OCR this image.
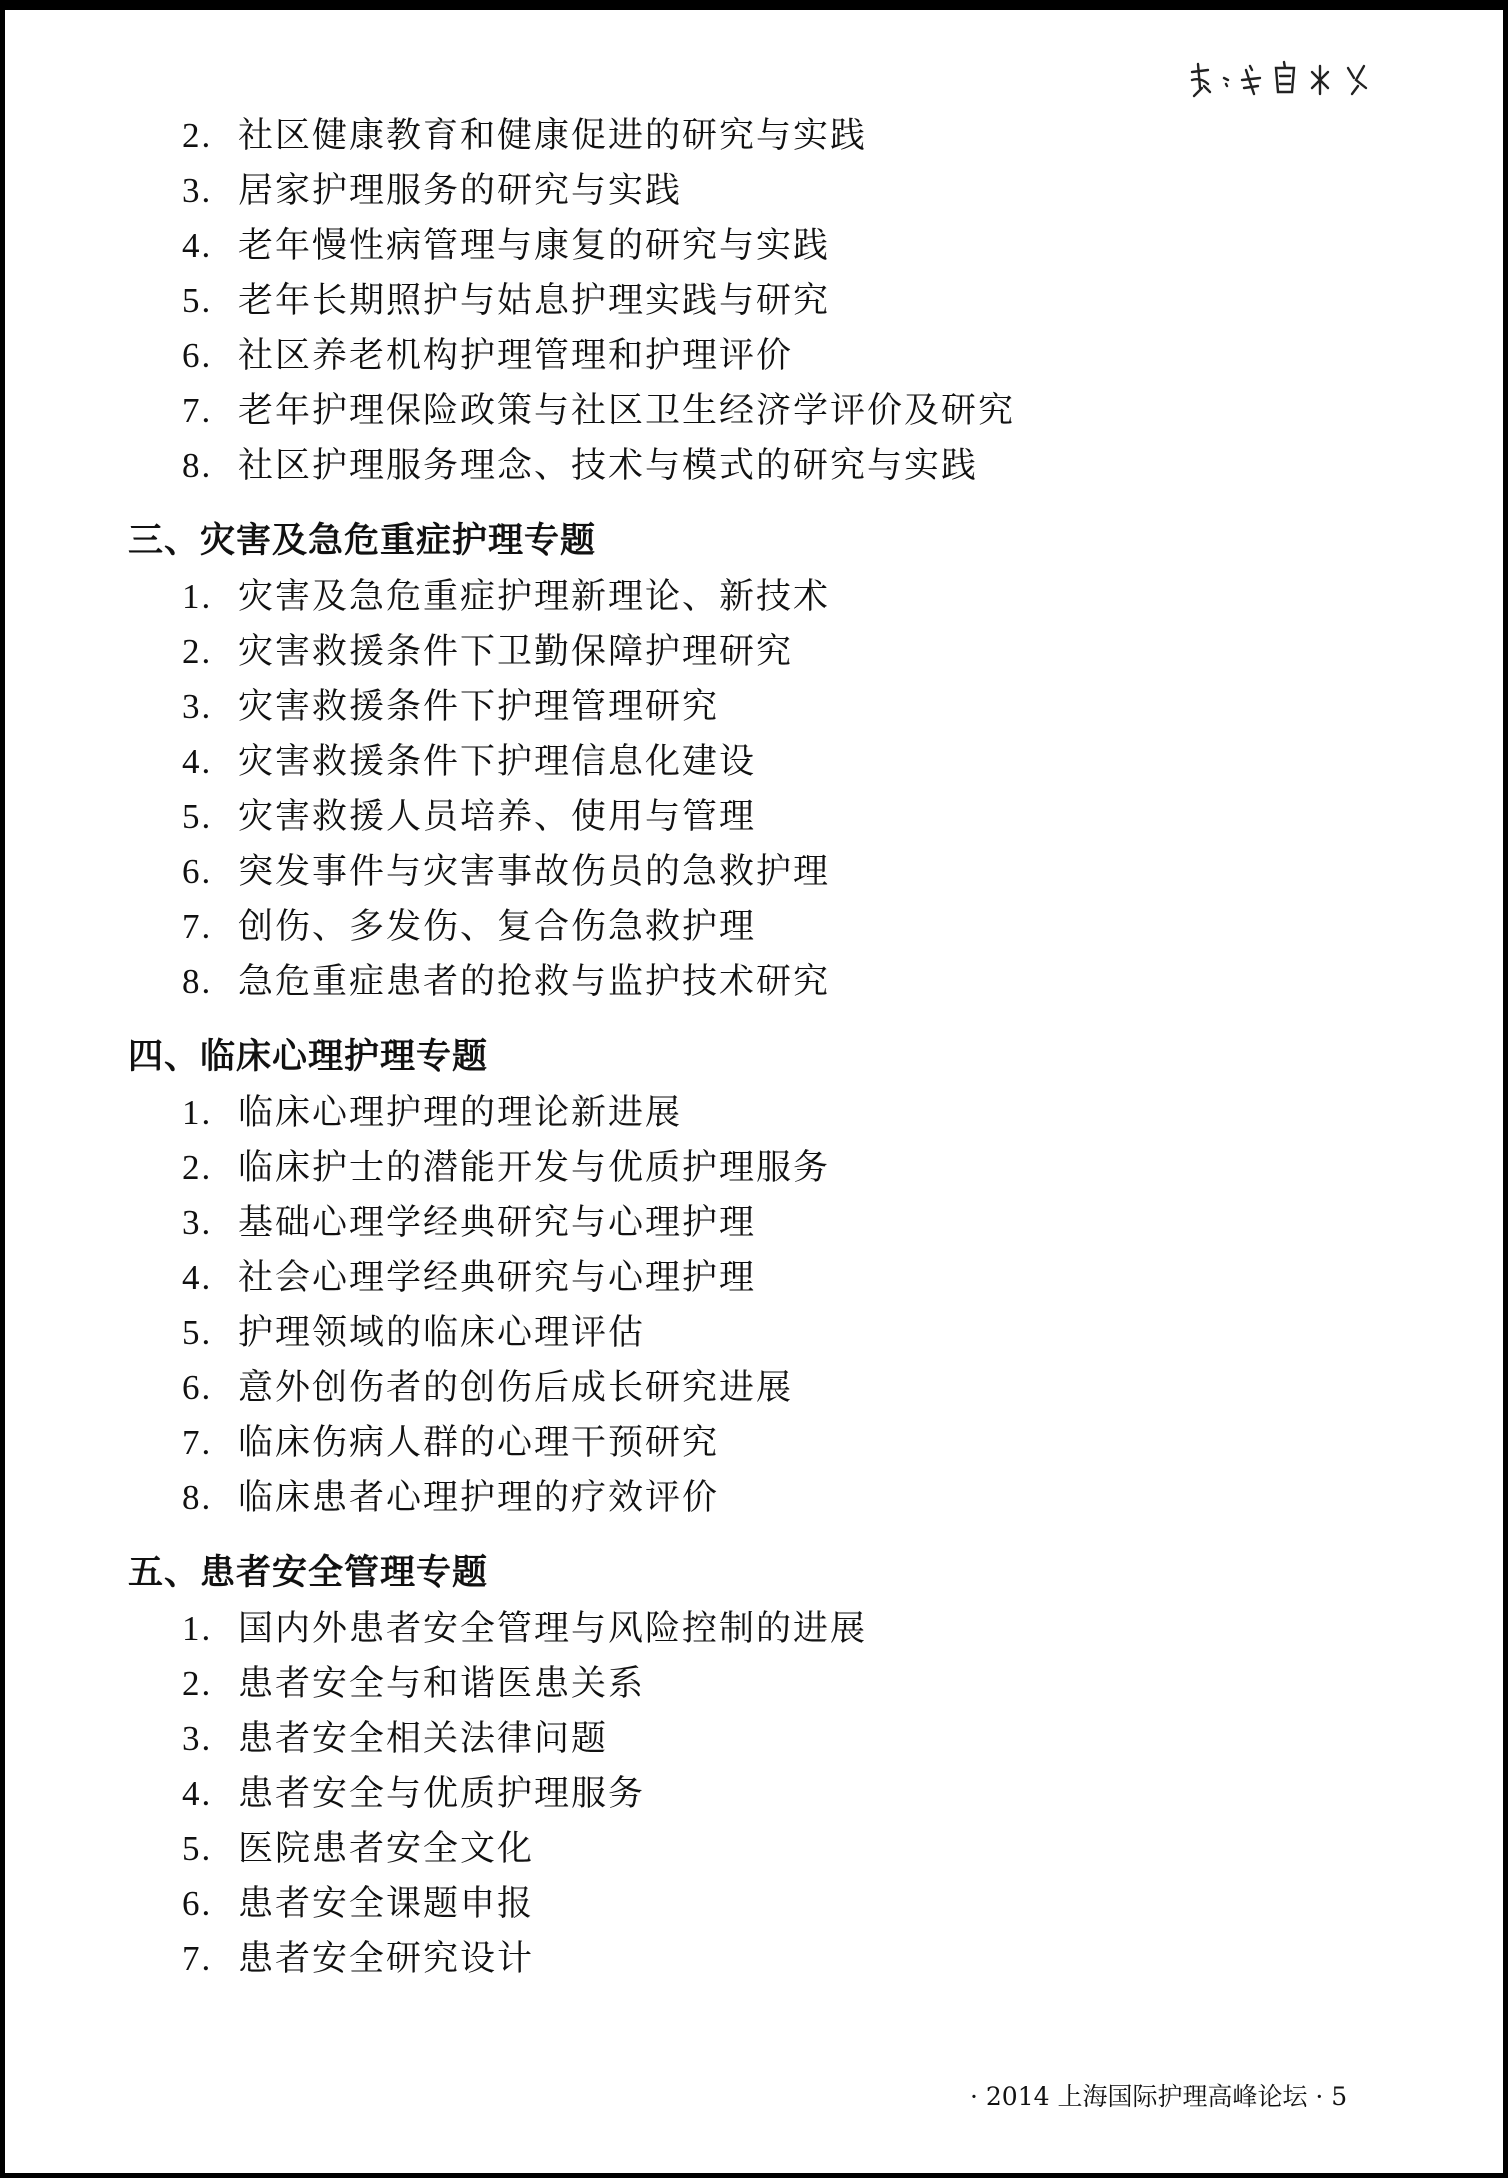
2. 社区健康教育和健康促进的研究与实践
3. 居家护理服务的研究与实践
4. 老年慢性病管理与康复的研究与实践
5. 老年长期照护与姑息护理实践与研究
6. 社区养老机构护理管理和护理评价
7. 老年护理保险政策与社区卫生经济学评价及研究
8. 社区护理服务理念、技术与模式的研究与实践
三、灾害及急危重症护理专题
1. 灾害及急危重症护理新理论、新技术
2. 灾害救援条件下卫勤保障护理研究
3. 灾害救援条件下护理管理研究
4. 灾害救援条件下护理信息化建设
5. 灾害救援人员培养、使用与管理
6. 突发事件与灾害事故伤员的急救护理
7. 创伤、多发伤、复合伤急救护理
8. 急危重症患者的抢救与监护技术研究
四、临床心理护理专题
1. 临床心理护理的理论新进展
2. 临床护士的潜能开发与优质护理服务
3. 基础心理学经典研究与心理护理
4. 社会心理学经典研究与心理护理
5. 护理领域的临床心理评估
6. 意外创伤者的创伤后成长研究进展
7. 临床伤病人群的心理干预研究
8. 临床患者心理护理的疗效评价
五、患者安全管理专题
1. 国内外患者安全管理与风险控制的进展
2. 患者安全与和谐医患关系
3. 患者安全相关法律问题
4. 患者安全与优质护理服务
5. 医院患者安全文化
6. 患者安全课题申报
7. 患者安全研究设计
· 2014 上海国际护理高峰论坛 · 5
